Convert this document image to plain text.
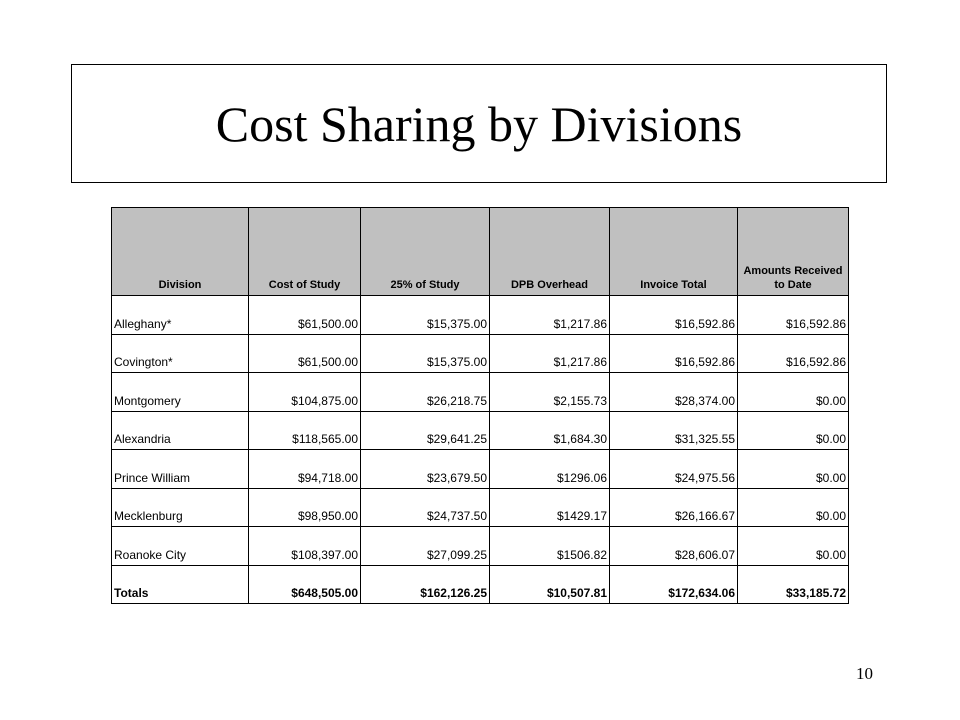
Cost Sharing by Divisions
Division	Cost of Study	25% of Study	DPB Overhead	Invoice Total	Amounts Received to Date
Alleghany*	$61,500.00	$15,375.00	$1,217.86	$16,592.86	$16,592.86
Covington*	$61,500.00	$15,375.00	$1,217.86	$16,592.86	$16,592.86
Montgomery	$104,875.00	$26,218.75	$2,155.73	$28,374.00	$0.00
Alexandria	$118,565.00	$29,641.25	$1,684.30	$31,325.55	$0.00
Prince William	$94,718.00	$23,679.50	$1296.06	$24,975.56	$0.00
Mecklenburg	$98,950.00	$24,737.50	$1429.17	$26,166.67	$0.00
Roanoke City	$108,397.00	$27,099.25	$1506.82	$28,606.07	$0.00
Totals	$648,505.00	$162,126.25	$10,507.81	$172,634.06	$33,185.72
10
